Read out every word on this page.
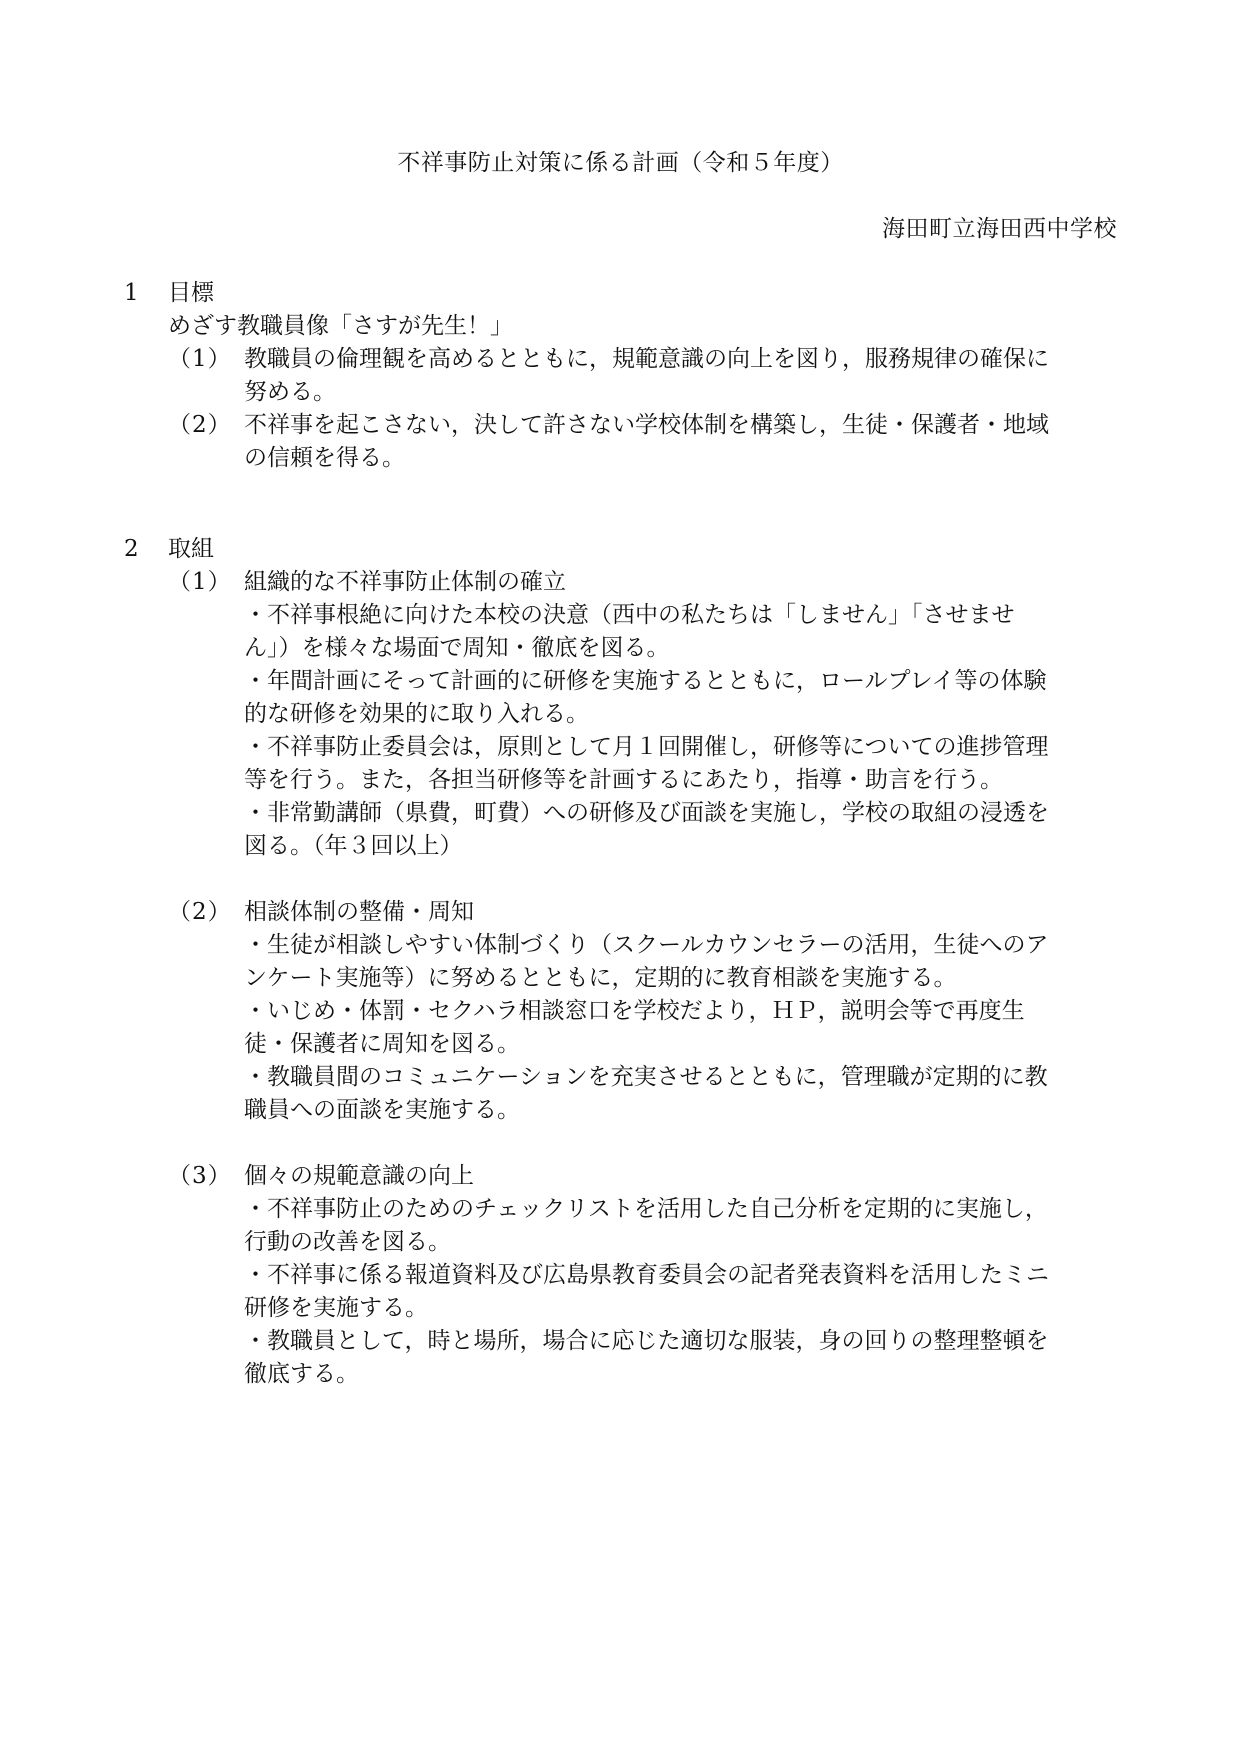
不祥事防止対策に係る計画（令和５年度）
海田町立海田西中学校
1 目標
めざす教職員像「さすが先生！」
（1） 教職員の倫理観を高めるとともに，規範意識の向上を図り，服務規律の確保に
努める。
（2） 不祥事を起こさない，決して許さない学校体制を構築し，生徒・保護者・地域
の信頼を得る。
2 取組
（1） 組織的な不祥事防止体制の確立
・不祥事根絶に向けた本校の決意（西中の私たちは「しません」「させませ
ん」）を様々な場面で周知・徹底を図る。
・年間計画にそって計画的に研修を実施するとともに，ロールプレイ等の体験
的な研修を効果的に取り入れる。
・不祥事防止委員会は，原則として月１回開催し，研修等についての進捗管理
等を行う。また，各担当研修等を計画するにあたり，指導・助言を行う。
・非常勤講師（県費，町費）への研修及び面談を実施し，学校の取組の浸透を
図る。（年３回以上）
（2） 相談体制の整備・周知
・生徒が相談しやすい体制づくり（スクールカウンセラーの活用，生徒へのア
ンケート実施等）に努めるとともに，定期的に教育相談を実施する。
・いじめ・体罰・セクハラ相談窓口を学校だより，ＨＰ，説明会等で再度生
徒・保護者に周知を図る。
・教職員間のコミュニケーションを充実させるとともに，管理職が定期的に教
職員への面談を実施する。
（3） 個々の規範意識の向上
・不祥事防止のためのチェックリストを活用した自己分析を定期的に実施し，
行動の改善を図る。
・不祥事に係る報道資料及び広島県教育委員会の記者発表資料を活用したミニ
研修を実施する。
・教職員として，時と場所，場合に応じた適切な服装，身の回りの整理整頓を
徹底する。
